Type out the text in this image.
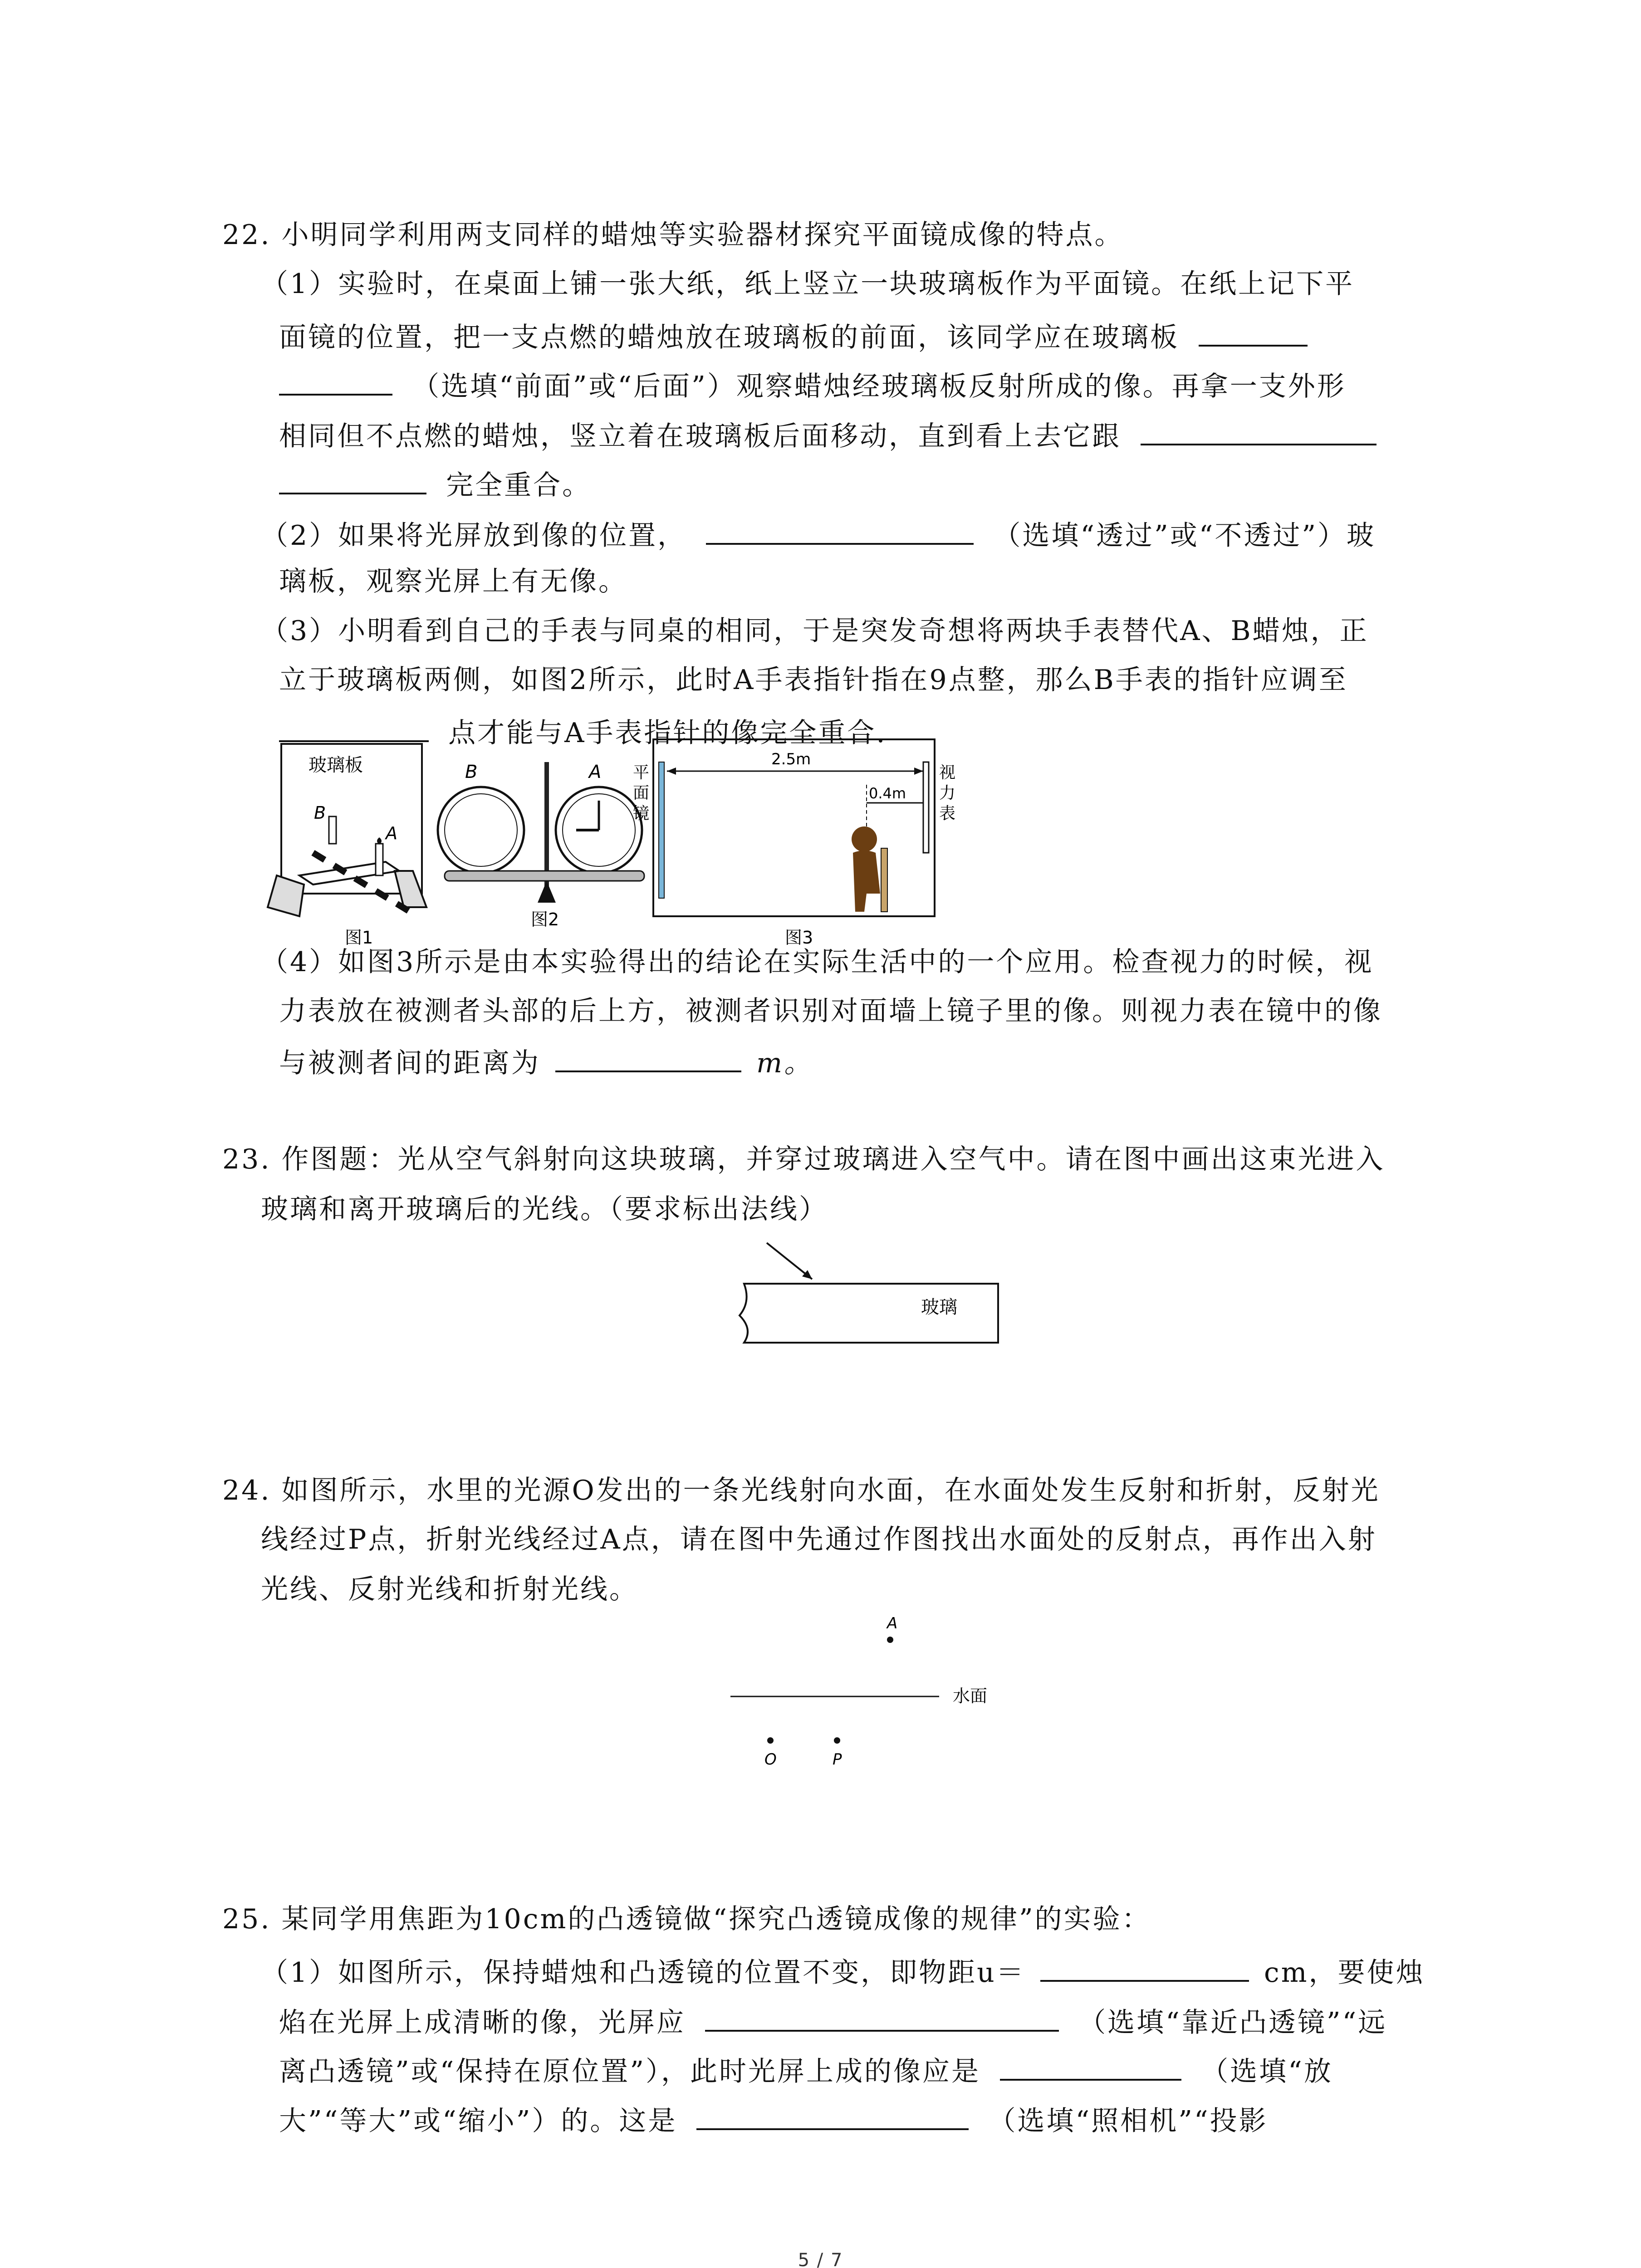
22. 小明同学利用两支同样的蜡烛等实验器材探究平面镜成像的特点。
（1）实验时，在桌面上铺一张大纸，纸上竖立一块玻璃板作为平面镜。在纸上记下平
面镜的位置，把一支点燃的蜡烛放在玻璃板的前面，该同学应在玻璃板
（选填“前面”或“后面”）观察蜡烛经玻璃板反射所成的像。再拿一支外形
相同但不点燃的蜡烛，竖立着在玻璃板后面移动，直到看上去它跟
完全重合。
（2）如果将光屏放到像的位置，	（选填“透过”或“不透过”）玻
璃板，观察光屏上有无像。
（3）小明看到自己的手表与同桌的相同，于是突发奇想将两块手表替代A、B蜡烛，正
立于玻璃板两侧，如图2所示，此时A手表指针指在9点整，那么B手表的指针应调至
点才能与A手表指针的像完全重合.
玻璃板
B
A
图1
B	A
图2
平
面
镜
视
力
表
2.5m
0.4m
图3
（4）如图3所示是由本实验得出的结论在实际生活中的一个应用。检查视力的时候，视
力表放在被测者头部的后上方，被测者识别对面墙上镜子里的像。则视力表在镜中的像
与被测者间的距离为	m。
23. 作图题：光从空气斜射向这块玻璃，并穿过玻璃进入空气中。请在图中画出这束光进入
玻璃和离开玻璃后的光线。（要求标出法线）
玻璃
24. 如图所示，水里的光源O发出的一条光线射向水面，在水面处发生反射和折射，反射光
线经过P点，折射光线经过A点，请在图中先通过作图找出水面处的反射点，再作出入射
光线、反射光线和折射光线。
A
水面
O	P
25. 某同学用焦距为10cm的凸透镜做“探究凸透镜成像的规律”的实验：
（1）如图所示，保持蜡烛和凸透镜的位置不变，即物距u＝	cm，要使烛
焰在光屏上成清晰的像，光屏应	（选填“靠近凸透镜”“远
离凸透镜”或“保持在原位置”），此时光屏上成的像应是	（选填“放
大”“等大”或“缩小”）的。这是	（选填“照相机”“投影
5 / 7
